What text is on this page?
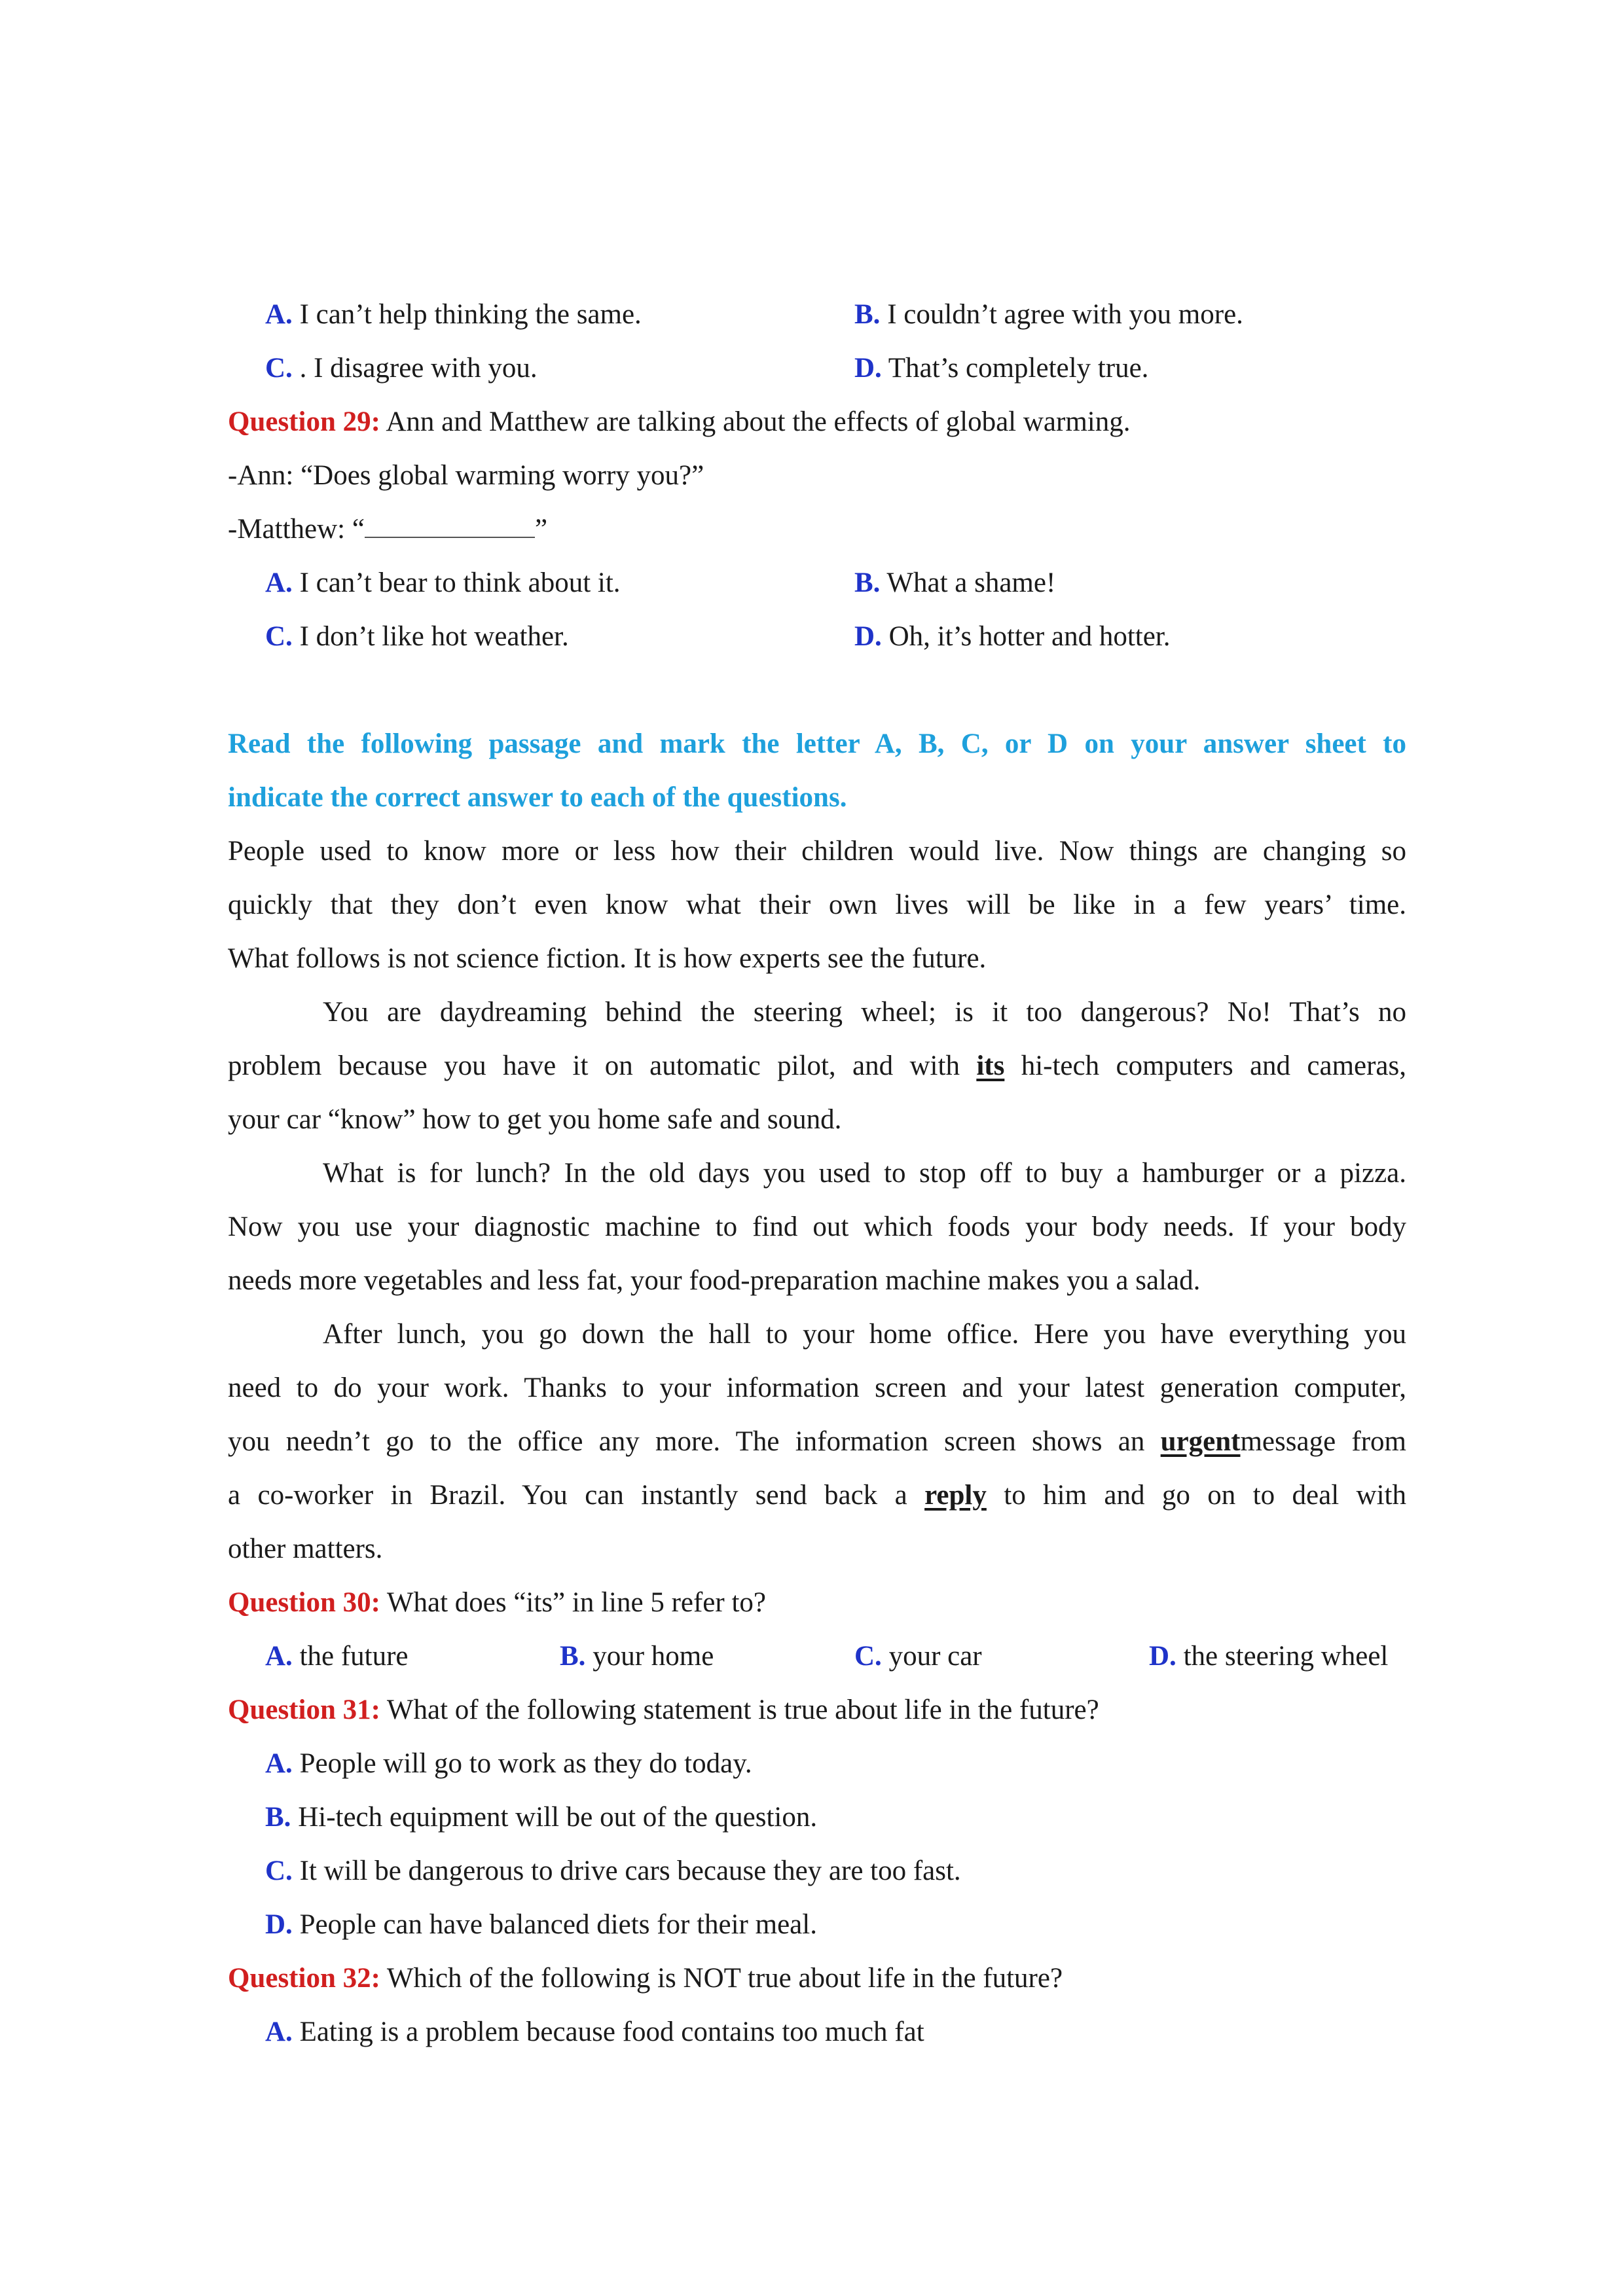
A. I can’t help thinking the same.	B. I couldn’t agree with you more.
C. . I disagree with you.	D. That’s completely true.
Question 29: Ann and Matthew are talking about the effects of global warming.
-Ann: “Does global warming worry you?”
-Matthew: “	”
A. I can’t bear to think about it.	B. What a shame!
C. I don’t like hot weather.	D. Oh, it’s hotter and hotter.
Read the following passage and mark the letter A, B, C, or D on your answer sheet to
indicate the correct answer to each of the questions.
People used to know more or less how their children would live. Now things are changing so
quickly that they don’t even know what their own lives will be like in a few years’ time.
What follows is not science fiction. It is how experts see the future.
You are daydreaming behind the steering wheel; is it too dangerous? No! That’s no
problem because you have it on automatic pilot, and with its hi-tech computers and cameras,
your car “know” how to get you home safe and sound.
What is for lunch? In the old days you used to stop off to buy a hamburger or a pizza.
Now you use your diagnostic machine to find out which foods your body needs. If your body
needs more vegetables and less fat, your food-preparation machine makes you a salad.
After lunch, you go down the hall to your home office. Here you have everything you
need to do your work. Thanks to your information screen and your latest generation computer,
you needn’t go to the office any more. The information screen shows an urgentmessage from
a co-worker in Brazil. You can instantly send back a reply to him and go on to deal with
other matters.
Question 30: What does “its” in line 5 refer to?
A. the future	B. your home	C. your car	D. the steering wheel
Question 31: What of the following statement is true about life in the future?
A. People will go to work as they do today.
B. Hi-tech equipment will be out of the question.
C. It will be dangerous to drive cars because they are too fast.
D. People can have balanced diets for their meal.
Question 32: Which of the following is NOT true about life in the future?
A. Eating is a problem because food contains too much fat
